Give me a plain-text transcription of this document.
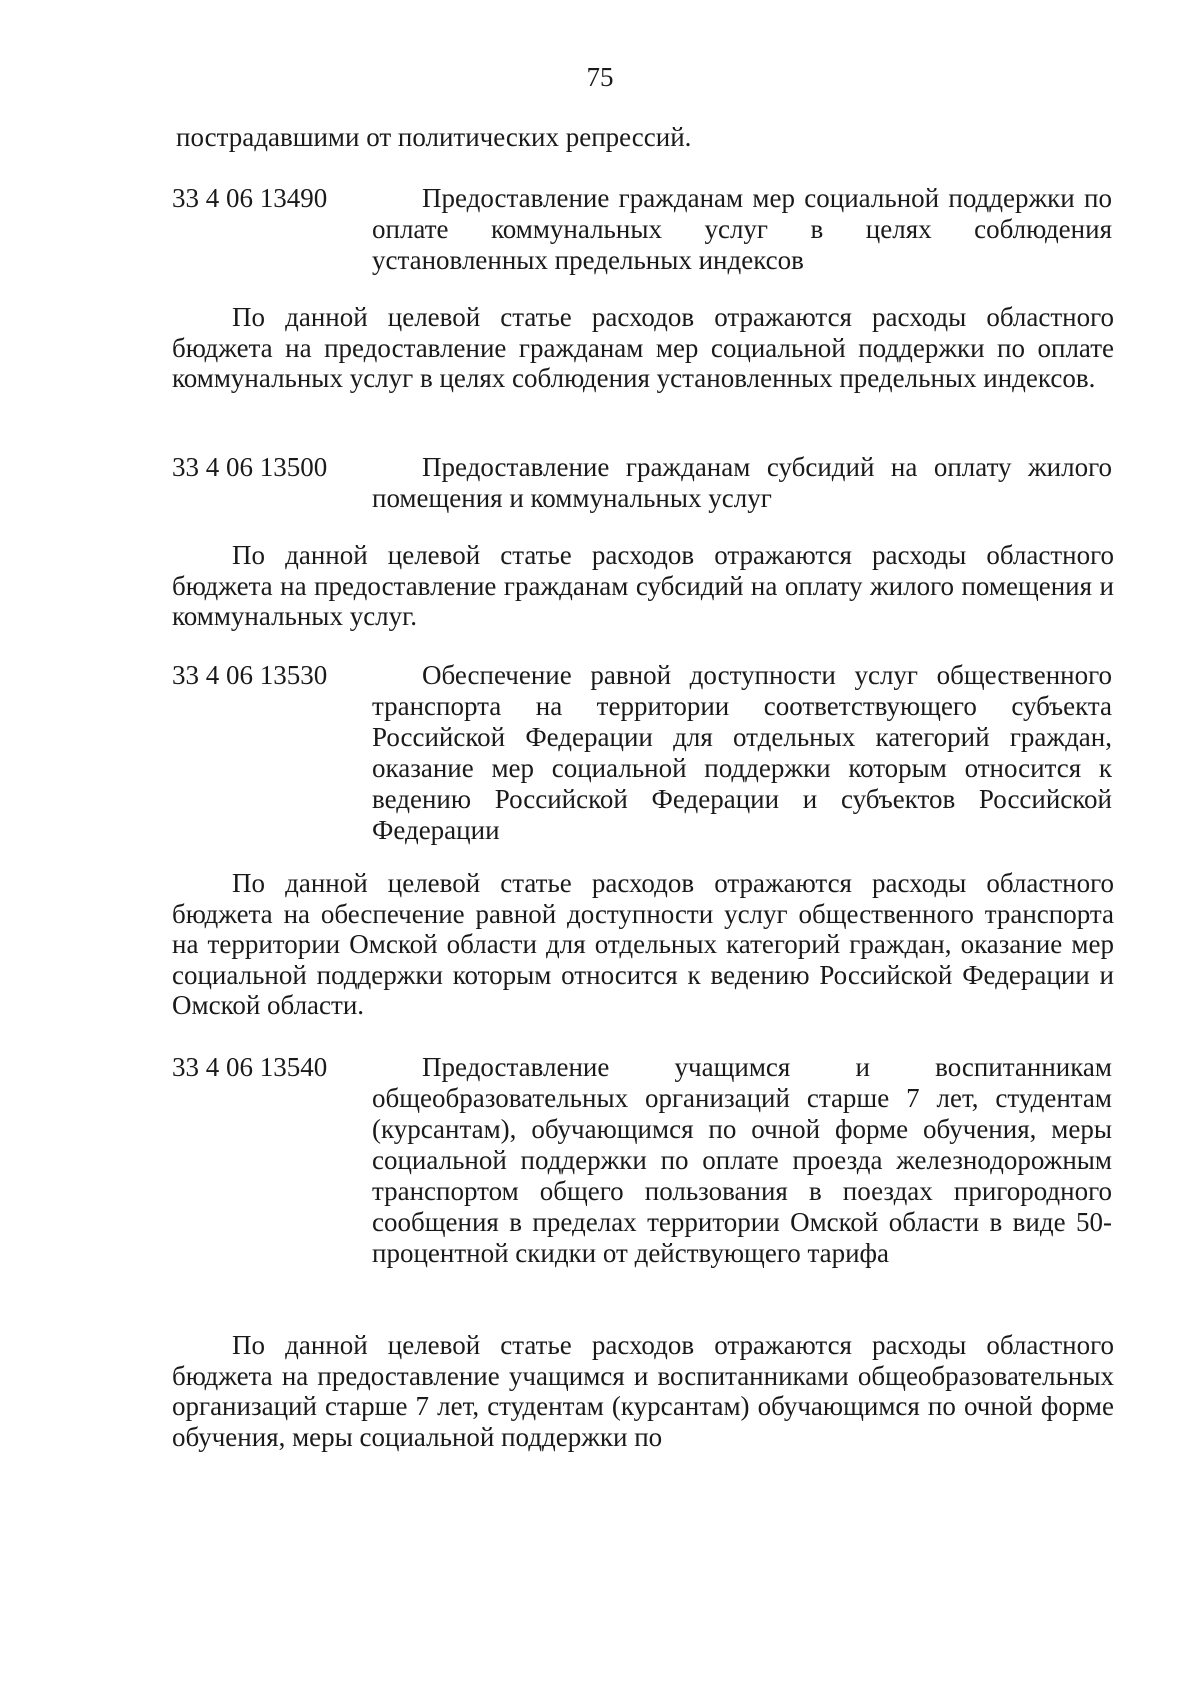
75
пострадавшими от политических репрессий.
33 4 06 13490	Предоставление гражданам мер социальной поддержки по оплате коммунальных услуг в целях соблюдения установленных предельных индексов
По данной целевой статье расходов отражаются расходы областного бюджета на предоставление гражданам мер социальной поддержки по оплате коммунальных услуг в целях соблюдения установленных предельных индексов.
33 4 06 13500	Предоставление гражданам субсидий на оплату жилого помещения и коммунальных услуг
По данной целевой статье расходов отражаются расходы областного бюджета на предоставление гражданам субсидий на оплату жилого помещения и коммунальных услуг.
33 4 06 13530	Обеспечение равной доступности услуг общественного транспорта на территории соответствующего субъекта Российской Федерации для отдельных категорий граждан, оказание мер социальной поддержки которым относится к ведению Российской Федерации и субъектов Российской Федерации
По данной целевой статье расходов отражаются расходы областного бюджета на обеспечение равной доступности услуг общественного транспорта на территории Омской области для отдельных категорий граждан, оказание мер социальной поддержки которым относится к ведению Российской Федерации и Омской области.
33 4 06 13540	Предоставление учащимся и воспитанникам общеобразовательных организаций старше 7 лет, студентам (курсантам), обучающимся по очной форме обучения, меры социальной поддержки по оплате проезда железнодорожным транспортом общего пользования в поездах пригородного сообщения в пределах территории Омской области в виде 50-процентной скидки от действующего тарифа
По данной целевой статье расходов отражаются расходы областного бюджета на предоставление учащимся и воспитанниками общеобразовательных организаций старше 7 лет, студентам (курсантам) обучающимся по очной форме обучения, меры социальной поддержки по
